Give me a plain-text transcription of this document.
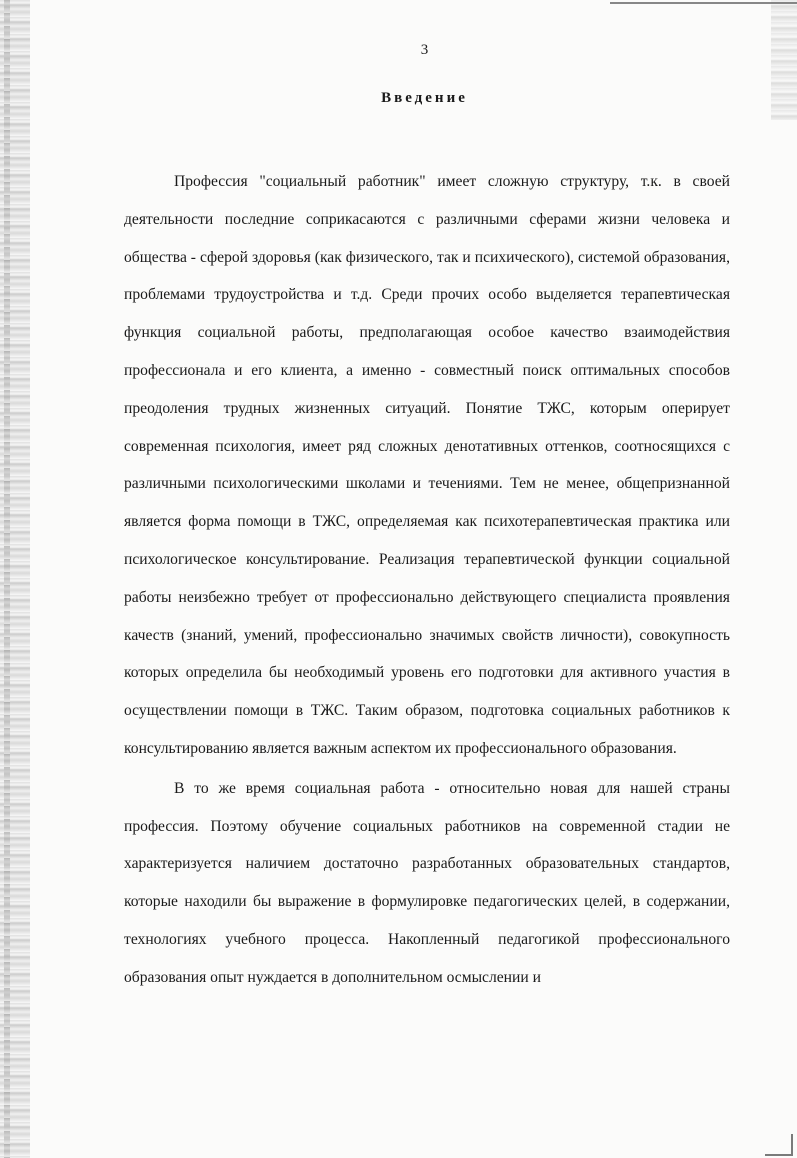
3
Введение

Профессия "социальный работник" имеет сложную структуру, т.к. в своей деятельности последние соприкасаются с различными сферами жизни человека и общества - сферой здоровья (как физического, так и психического), системой образования, проблемами трудоустройства и т.д. Среди прочих особо выделяется терапевтическая функция социальной работы, предполагающая особое качество взаимодействия профессионала и его клиента, а именно - совместный поиск оптимальных способов преодоления трудных жизненных ситуаций. Понятие ТЖС, которым оперирует современная психология, имеет ряд сложных денотативных оттенков, соотносящихся с различными психологическими школами и течениями. Тем не менее, общепризнанной является форма помощи в ТЖС, определяемая как психотерапевтическая практика или психологическое консультирование. Реализация терапевтической функции социальной работы неизбежно требует от профессионально действующего специалиста проявления качеств (знаний, умений, профессионально значимых свойств личности), совокупность которых определила бы необходимый уровень его подготовки для активного участия в осуществлении помощи в ТЖС. Таким образом, подготовка социальных работников к консультированию является важным аспектом их профессионального образования.

В то же время социальная работа - относительно новая для нашей страны профессия. Поэтому обучение социальных работников на современной стадии не характеризуется наличием достаточно разработанных образовательных стандартов, которые находили бы выражение в формулировке педагогических целей, в содержании, технологиях учебного процесса. Накопленный педагогикой профессионального образования опыт нуждается в дополнительном осмыслении и
